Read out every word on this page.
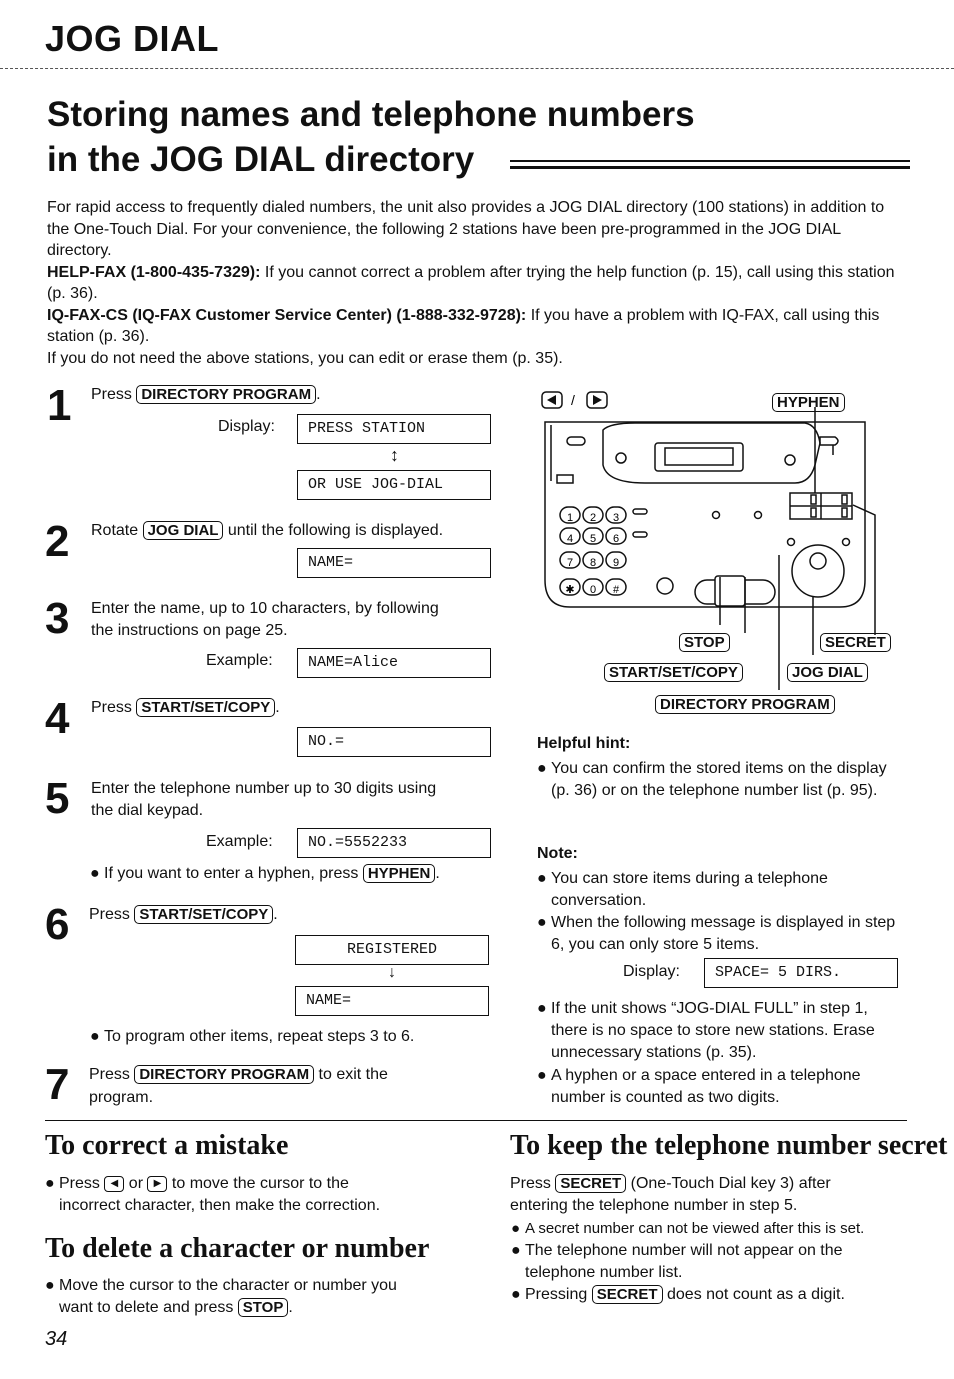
JOG DIAL
Storing names and telephone numbers
in the JOG DIAL directory
For rapid access to frequently dialed numbers, the unit also provides a JOG DIAL directory (100 stations) in addition to the One-Touch Dial. For your convenience, the following 2 stations have been pre-programmed in the JOG DIAL directory.
HELP-FAX (1-800-435-7329): If you cannot correct a problem after trying the help function (p. 15), call using this station (p. 36).
IQ-FAX-CS (IQ-FAX Customer Service Center) (1-888-332-9728): If you have a problem with IQ-FAX, call using this station (p. 36).
If you do not need the above stations, you can edit or erase them (p. 35).
1 Press DIRECTORY PROGRAM .
Display:	PRESS STATION
↕
OR USE JOG-DIAL
2 Rotate JOG DIAL until the following is displayed.
NAME=
3 Enter the name, up to 10 characters, by following
the instructions on page 25.
Example:	NAME=Alice
4 Press START/SET/COPY .
NO.=
5 Enter the telephone number up to 30 digits using
the dial keypad.
Example:	NO.=5552233
● If you want to enter a hyphen, press HYPHEN .
6 Press START/SET/COPY .
REGISTERED
↓
NAME=
● To program other items, repeat steps 3 to 6.
7 Press DIRECTORY PROGRAM to exit the
program.
1 2 3
4 5 6
7 8 9
✱ 0 #
/	HYPHEN
STOP	SECRET
START/SET/COPY	JOG DIAL
DIRECTORY PROGRAM
Helpful hint:
● You can confirm the stored items on the display (p. 36) or on the telephone number list (p. 95).
Note:
● You can store items during a telephone conversation.
● When the following message is displayed in step 6, you can only store 5 items.
Display:	SPACE= 5 DIRS.
● If the unit shows “JOG-DIAL FULL” in step 1, there is no space to store new stations. Erase unnecessary stations (p. 35).
● A hyphen or a space entered in a telephone number is counted as two digits.
To correct a mistake
● Press ◀ or ▶ to move the cursor to the
incorrect character, then make the correction.
To delete a character or number
● Move the cursor to the character or number you
want to delete and press STOP .
To keep the telephone number secret
Press SECRET (One-Touch Dial key 3) after
entering the telephone number in step 5.
● A secret number can not be viewed after this is set.
● The telephone number will not appear on the telephone number list.
● Pressing SECRET does not count as a digit.
34
